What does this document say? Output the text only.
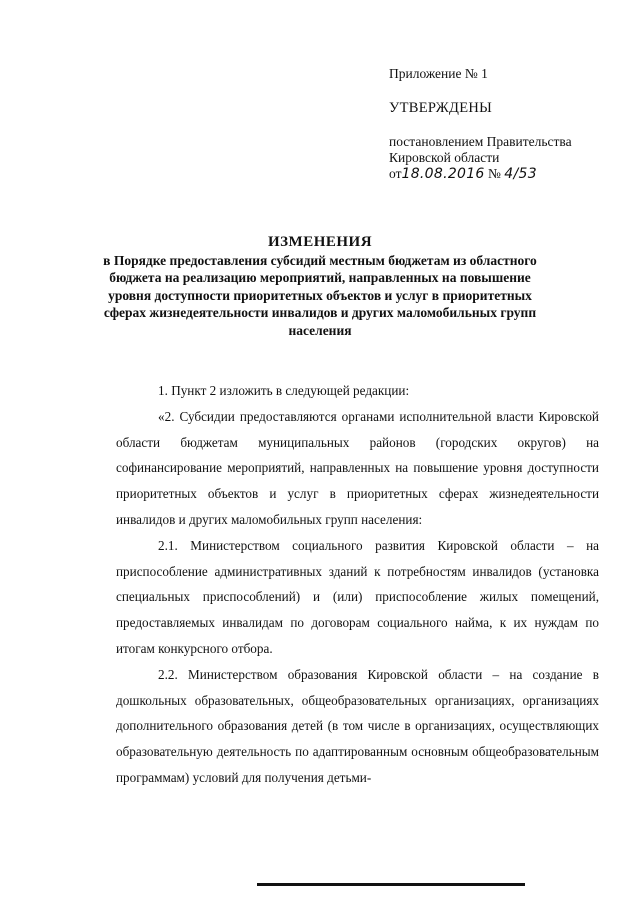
Приложение № 1
УТВЕРЖДЕНЫ
постановлением Правительства
Кировской области
от18.08.2016 № 4/53
ИЗМЕНЕНИЯ
в Порядке предоставления субсидий местным бюджетам из областного бюджета на реализацию мероприятий, направленных на повышение уровня доступности приоритетных объектов и услуг в приоритетных сферах жизнедеятельности инвалидов и других маломобильных групп населения

1. Пункт 2 изложить в следующей редакции:

«2. Субсидии предоставляются органами исполнительной власти Кировской области бюджетам муниципальных районов (городских округов) на софинансирование мероприятий, направленных на повышение уровня доступности приоритетных объектов и услуг в приоритетных сферах жизнедеятельности инвалидов и других маломобильных групп населения:

2.1. Министерством социального развития Кировской области – на приспособление административных зданий к потребностям инвалидов (установка специальных приспособлений) и (или) приспособление жилых помещений, предоставляемых инвалидам по договорам социального найма, к их нуждам по итогам конкурсного отбора.

2.2. Министерством образования Кировской области – на создание в дошкольных образовательных, общеобразовательных организациях, организациях дополнительного образования детей (в том числе в организациях, осуществляющих образовательную деятельность по адаптированным основным общеобразовательным программам) условий для получения детьми-
